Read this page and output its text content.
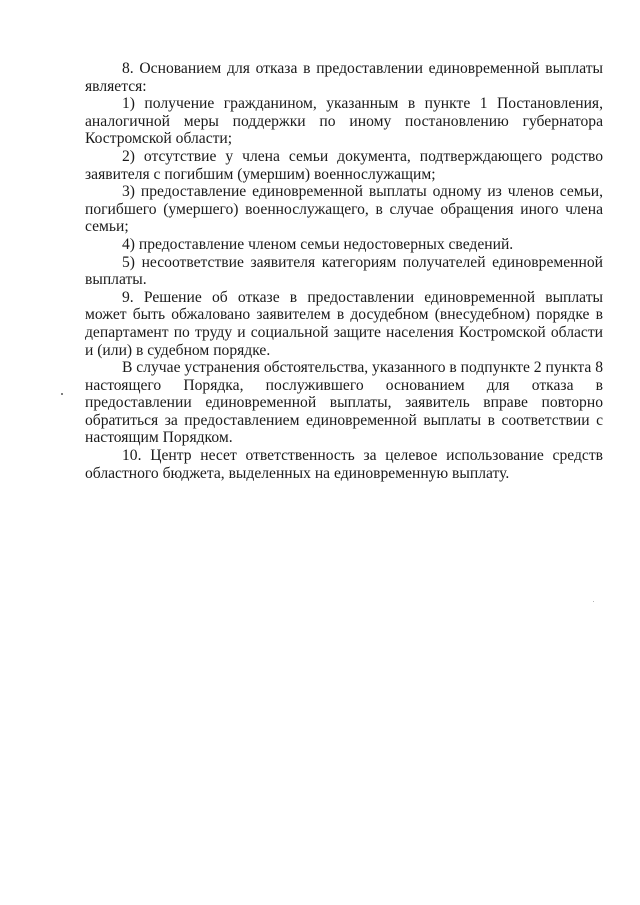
8. Основанием для отказа в предоставлении единовременной выплаты является:

1) получение гражданином, указанным в пункте 1 Постановления, аналогичной меры поддержки по иному постановлению губернатора Костромской области;

2) отсутствие у члена семьи документа, подтверждающего родство заявителя с погибшим (умершим) военнослужащим;

3) предоставление единовременной выплаты одному из членов семьи, погибшего (умершего) военнослужащего, в случае обращения иного члена семьи;

4) предоставление членом семьи недостоверных сведений.

5) несоответствие заявителя категориям получателей единовременной выплаты.

9. Решение об отказе в предоставлении единовременной выплаты может быть обжаловано заявителем в досудебном (внесудебном) порядке в департамент по труду и социальной защите населения Костромской области и (или) в судебном порядке.

В случае устранения обстоятельства, указанного в подпункте 2 пункта 8 настоящего Порядка, послужившего основанием для отказа в предоставлении единовременной выплаты, заявитель вправе повторно обратиться за предоставлением единовременной выплаты в соответствии с настоящим Порядком.

10. Центр несет ответственность за целевое использование средств областного бюджета, выделенных на единовременную выплату.
